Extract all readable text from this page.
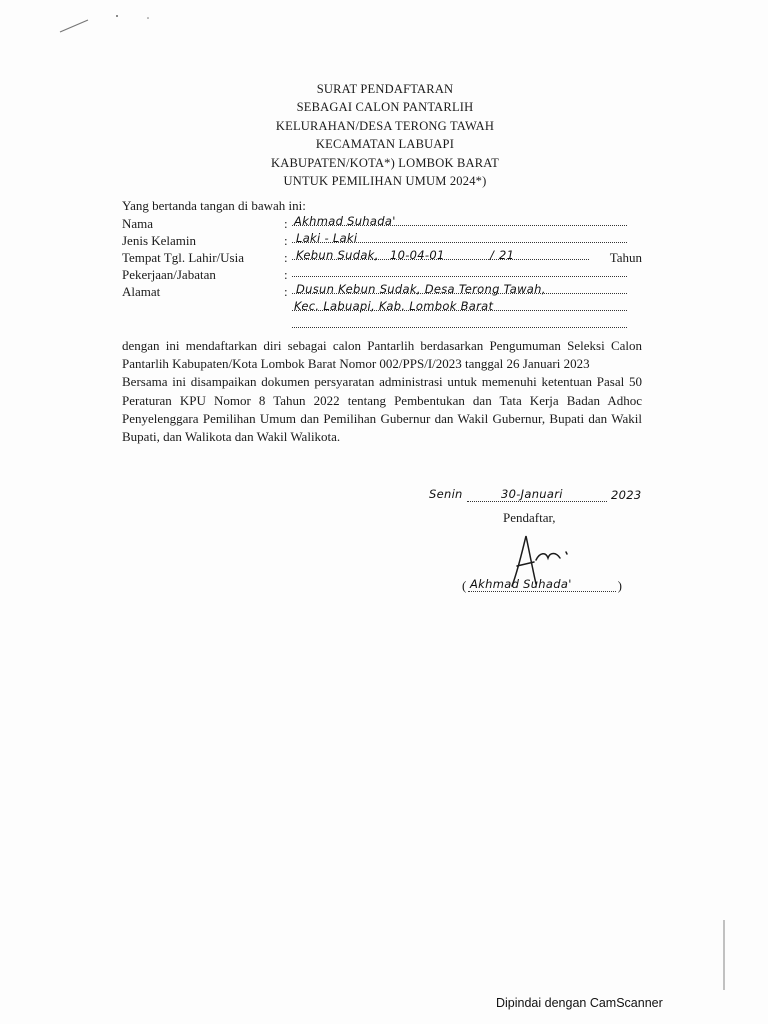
SURAT PENDAFTARAN
SEBAGAI CALON PANTARLIH
KELURAHAN/DESA TERONG TAWAH
KECAMATAN LABUAPI
KABUPATEN/KOTA*) LOMBOK BARAT
UNTUK PEMILIHAN UMUM 2024*)
Yang bertanda tangan di bawah ini:
Nama	: Akhmad Suhada'
Jenis Kelamin	: Laki - Laki
Tempat Tgl. Lahir/Usia	: Kebun Sudak, 10-04-01	/ 21	Tahun
Pekerjaan/Jabatan	:
Alamat	: Dusun Kebun Sudak, Desa Terong Tawah,
Kec. Labuapi, Kab. Lombok Barat

dengan ini mendaftarkan diri sebagai calon Pantarlih berdasarkan Pengumuman Seleksi Calon Pantarlih Kabupaten/Kota Lombok Barat Nomor 002/PPS/I/2023 tanggal 26 Januari 2023

Bersama ini disampaikan dokumen persyaratan administrasi untuk memenuhi ketentuan Pasal 50 Peraturan KPU Nomor 8 Tahun 2022 tentang Pembentukan dan Tata Kerja Badan Adhoc Penyelenggara Pemilihan Umum dan Pemilihan Gubernur dan Wakil Gubernur, Bupati dan Wakil Bupati, dan Walikota dan Wakil Walikota.

Senin	30-Januari	2023
Pendaftar,
( Akhmad Suhada'	)
Dipindai dengan CamScanner
